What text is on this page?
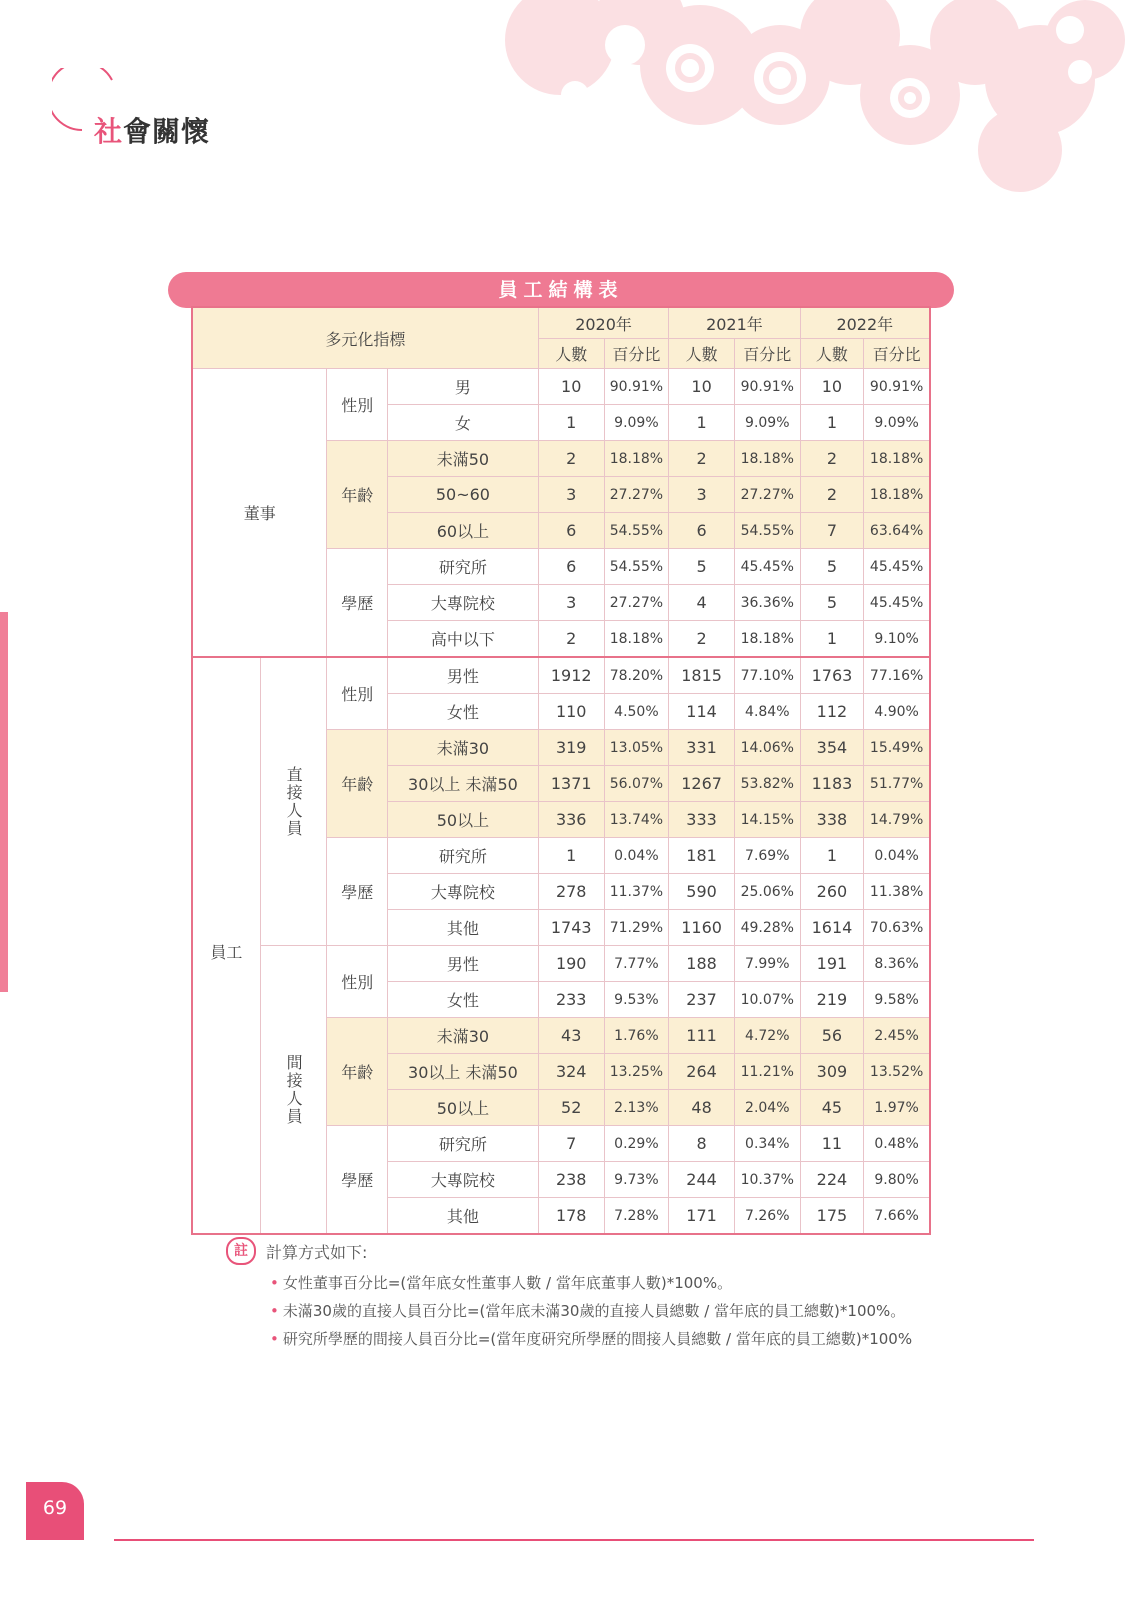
社會關懷
員工結構表
多元化指標				2020年		2021年		2022年	
				人數	百分比	人數	百分比	人數	百分比
董事		性別	男	10	90.91%	10	90.91%	10	90.91%
			女	1	9.09%	1	9.09%	1	9.09%
		年齡	未滿50	2	18.18%	2	18.18%	2	18.18%
			50~60	3	27.27%	3	27.27%	2	18.18%
			60以上	6	54.55%	6	54.55%	7	63.64%
		學歷	研究所	6	54.55%	5	45.45%	5	45.45%
			大專院校	3	27.27%	4	36.36%	5	45.45%
			高中以下	2	18.18%	2	18.18%	1	9.10%
員工	直接人員	性別	男性	1912	78.20%	1815	77.10%	1763	77.16%
			女性	110	4.50%	114	4.84%	112	4.90%
		年齡	未滿30	319	13.05%	331	14.06%	354	15.49%
			30以上 未滿50	1371	56.07%	1267	53.82%	1183	51.77%
			50以上	336	13.74%	333	14.15%	338	14.79%
		學歷	研究所	1	0.04%	181	7.69%	1	0.04%
			大專院校	278	11.37%	590	25.06%	260	11.38%
			其他	1743	71.29%	1160	49.28%	1614	70.63%
	間接人員	性別	男性	190	7.77%	188	7.99%	191	8.36%
			女性	233	9.53%	237	10.07%	219	9.58%
		年齡	未滿30	43	1.76%	111	4.72%	56	2.45%
			30以上 未滿50	324	13.25%	264	11.21%	309	13.52%
			50以上	52	2.13%	48	2.04%	45	1.97%
		學歷	研究所	7	0.29%	8	0.34%	11	0.48%
			大專院校	238	9.73%	244	10.37%	224	9.80%
			其他	178	7.28%	171	7.26%	175	7.66%
註 計算方式如下:
• 女性董事百分比=(當年底女性董事人數 / 當年底董事人數)*100%。
• 未滿30歲的直接人員百分比=(當年底未滿30歲的直接人員總數 / 當年底的員工總數)*100%。
• 研究所學歷的間接人員百分比=(當年度研究所學歷的間接人員總數 / 當年底的員工總數)*100%
69
